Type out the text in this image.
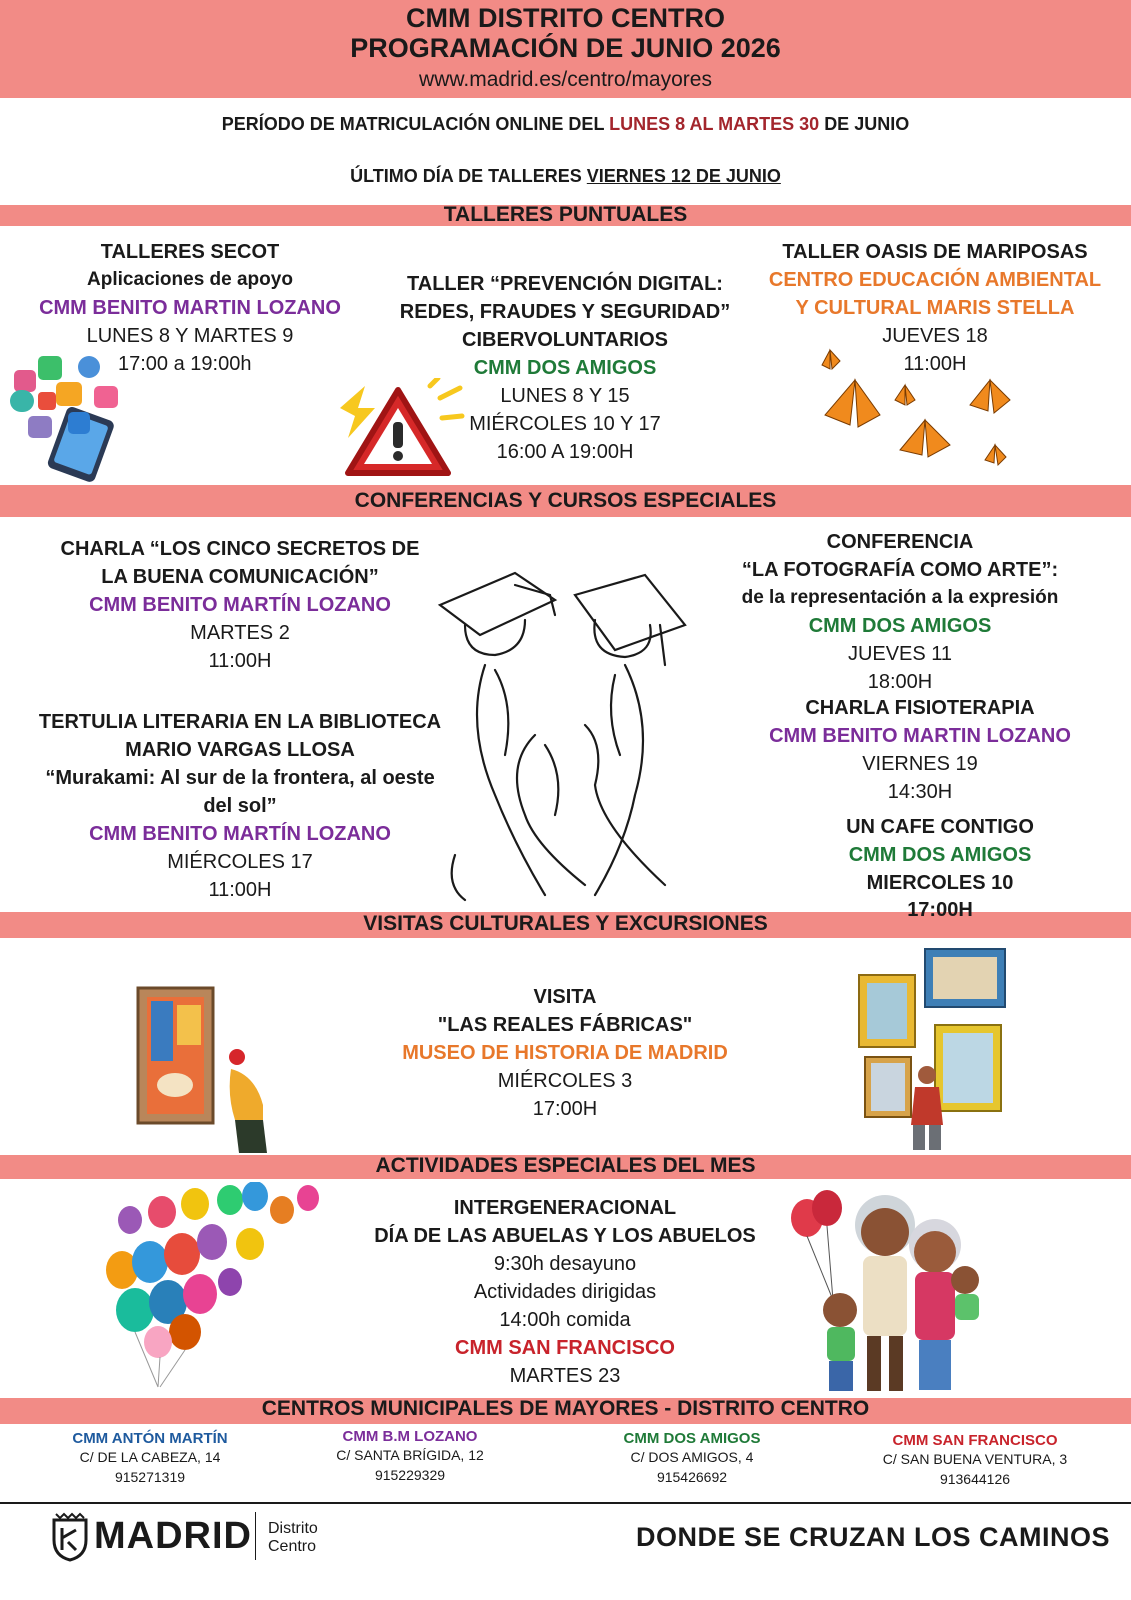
CMM DISTRITO CENTRO
PROGRAMACIÓN DE JUNIO 2026
www.madrid.es/centro/mayores
PERÍODO DE MATRICULACIÓN ONLINE DEL LUNES 8 AL MARTES 30 DE JUNIO
ÚLTIMO DÍA DE TALLERES VIERNES 12 DE JUNIO
TALLERES PUNTUALES
TALLERES SECOT
Aplicaciones de apoyo
CMM BENITO MARTIN LOZANO
LUNES 8 Y MARTES 9
17:00 a 19:00h
TALLER “PREVENCIÓN DIGITAL:
REDES, FRAUDES Y SEGURIDAD”
CIBERVOLUNTARIOS
CMM DOS AMIGOS
LUNES 8 Y 15
MIÉRCOLES 10 Y 17
16:00 A 19:00H
TALLER OASIS DE MARIPOSAS
CENTRO EDUCACIÓN AMBIENTAL
Y CULTURAL MARIS STELLA
JUEVES 18
11:00H
CONFERENCIAS Y CURSOS ESPECIALES
CHARLA “LOS CINCO SECRETOS DE
LA BUENA COMUNICACIÓN”
CMM BENITO MARTÍN LOZANO
MARTES 2
11:00H
TERTULIA LITERARIA EN LA BIBLIOTECA
MARIO VARGAS LLOSA
“Murakami: Al sur de la frontera, al oeste
del sol”
CMM BENITO MARTÍN LOZANO
MIÉRCOLES 17
11:00H
CONFERENCIA
“LA FOTOGRAFÍA COMO ARTE”:
de la representación a la expresión
CMM DOS AMIGOS
JUEVES 11
18:00H
CHARLA FISIOTERAPIA
CMM BENITO MARTIN LOZANO
VIERNES 19
14:30H
UN CAFE CONTIGO
CMM DOS AMIGOS
MIERCOLES 10
VISITAS CULTURALES Y EXCURSIONES
17:00H
VISITA
"LAS REALES FÁBRICAS"
MUSEO DE HISTORIA DE MADRID
MIÉRCOLES 3
17:00H
ACTIVIDADES ESPECIALES DEL MES
INTERGENERACIONAL
DÍA DE LAS ABUELAS Y LOS ABUELOS
9:30h desayuno
Actividades dirigidas
14:00h comida
CMM SAN FRANCISCO
MARTES 23
CENTROS MUNICIPALES DE MAYORES - DISTRITO CENTRO
CMM ANTÓN MARTÍN
C/ DE LA CABEZA, 14
915271319
CMM B.M LOZANO
C/ SANTA BRÍGIDA, 12
915229329
CMM DOS AMIGOS
C/ DOS AMIGOS, 4
915426692
CMM SAN FRANCISCO
C/ SAN BUENA VENTURA, 3
913644126
MADRID Distrito
Centro	DONDE SE CRUZAN LOS CAMINOS
